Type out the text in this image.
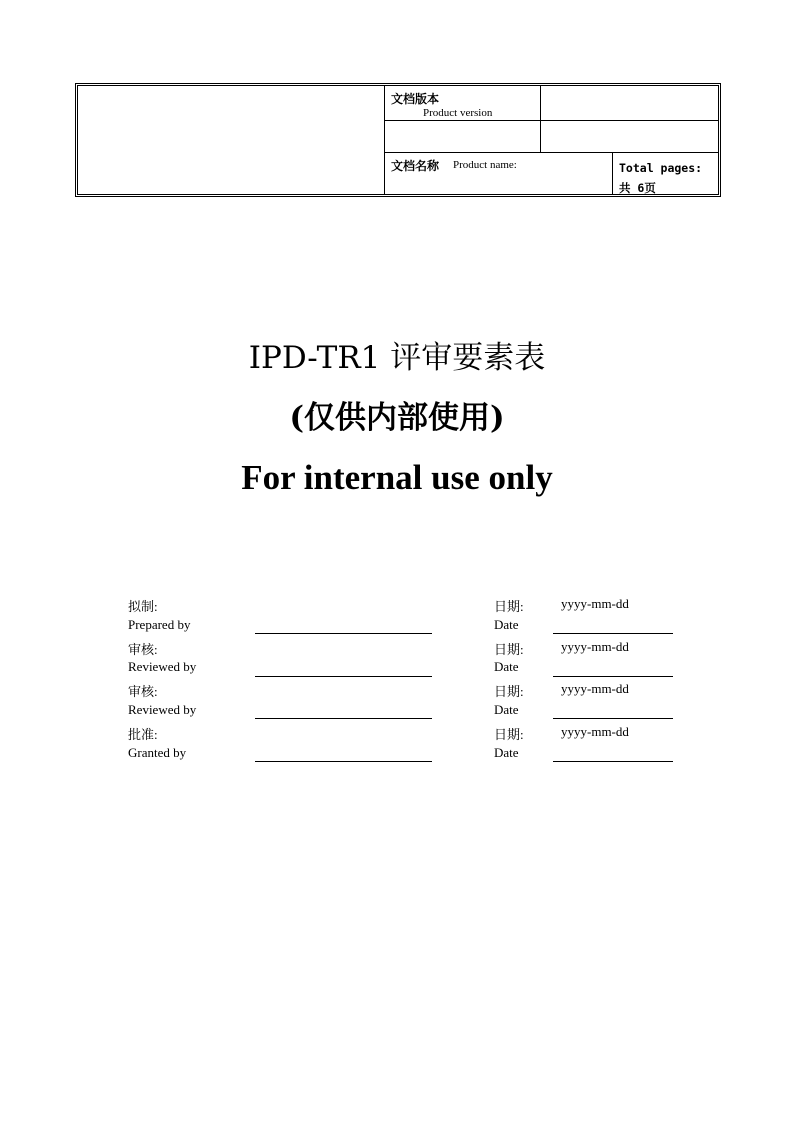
文档版本
Product version
文档名称 Product name:	Total pages:
共 6页
IPD-TR1 评审要素表
(仅供内部使用)
For internal use only
拟制:
Prepared by
日期:
Date
yyyy-mm-dd
审核:
Reviewed by
日期:
Date
yyyy-mm-dd
审核:
Reviewed by
日期:
Date
yyyy-mm-dd
批准:
Granted by
日期:
Date
yyyy-mm-dd
